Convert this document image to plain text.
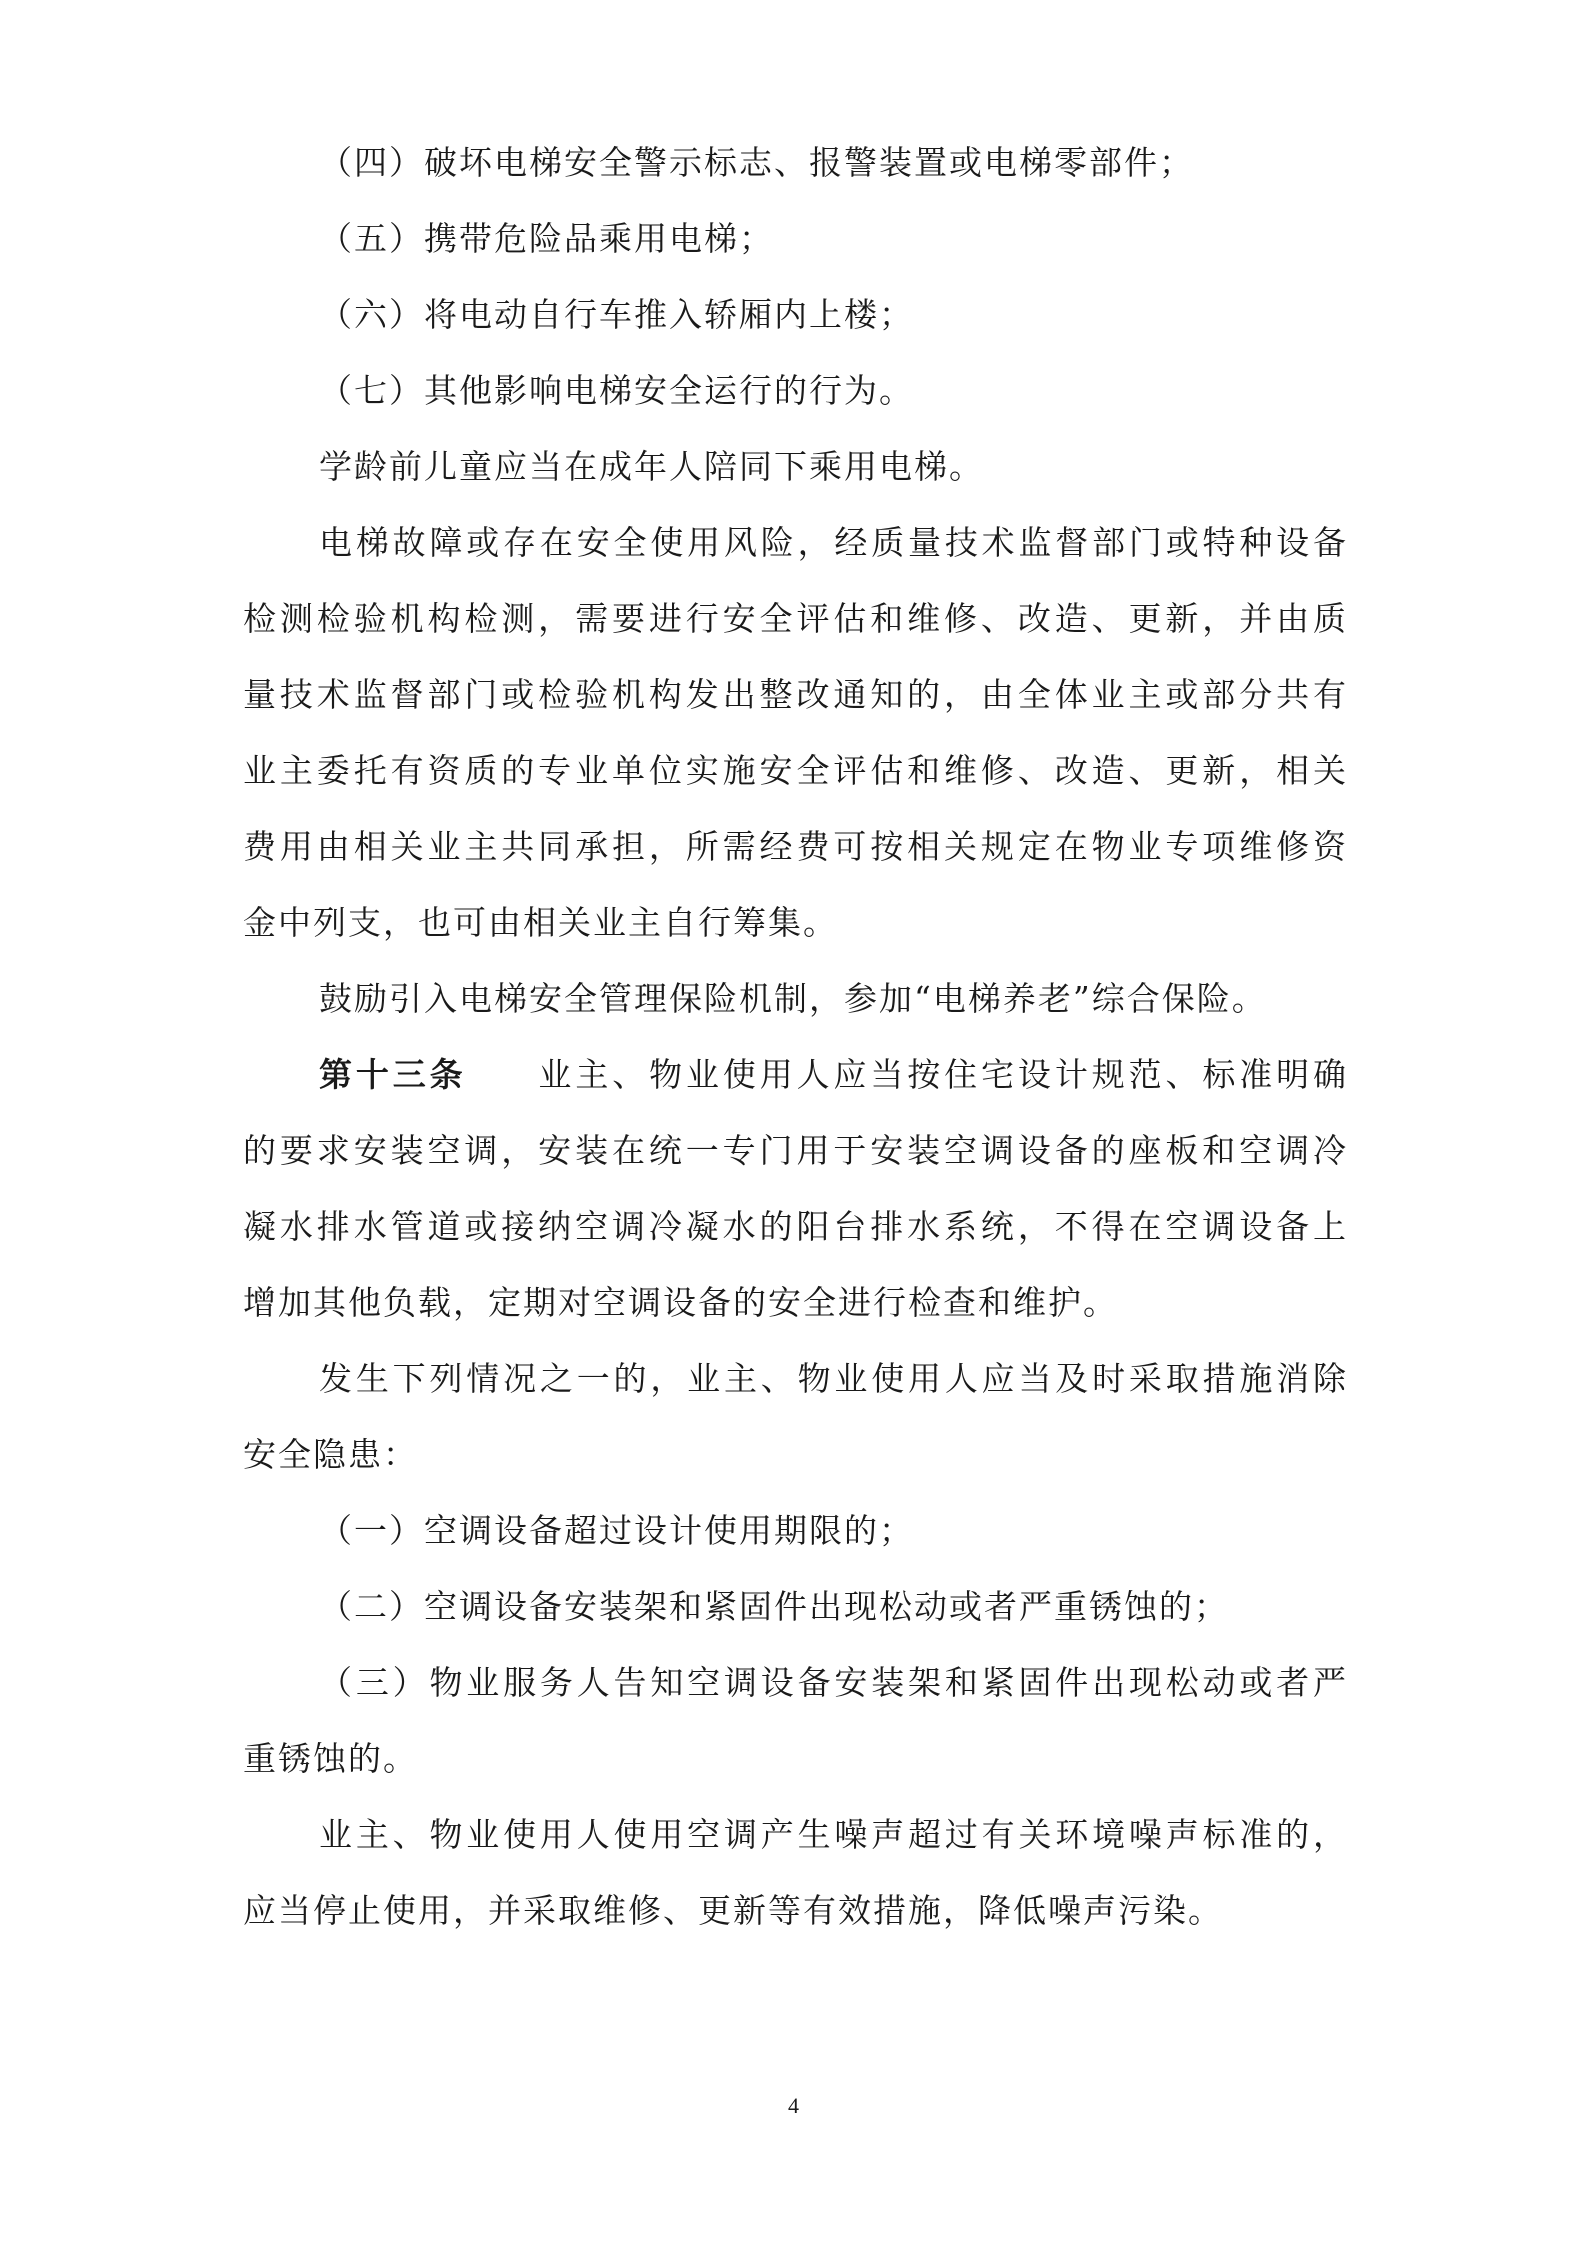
（四）破坏电梯安全警示标志、报警装置或电梯零部件；
（五）携带危险品乘用电梯；
（六）将电动自行车推入轿厢内上楼；
（七）其他影响电梯安全运行的行为。
学龄前儿童应当在成年人陪同下乘用电梯。
电梯故障或存在安全使用风险，经质量技术监督部门或特种设备
检测检验机构检测，需要进行安全评估和维修、改造、更新，并由质
量技术监督部门或检验机构发出整改通知的，由全体业主或部分共有
业主委托有资质的专业单位实施安全评估和维修、改造、更新，相关
费用由相关业主共同承担，所需经费可按相关规定在物业专项维修资
金中列支，也可由相关业主自行筹集。
鼓励引入电梯安全管理保险机制，参加“电梯养老”综合保险。
第十三条 业主、物业使用人应当按住宅设计规范、标准明确
的要求安装空调，安装在统一专门用于安装空调设备的座板和空调冷
凝水排水管道或接纳空调冷凝水的阳台排水系统，不得在空调设备上
增加其他负载，定期对空调设备的安全进行检查和维护。
发生下列情况之一的，业主、物业使用人应当及时采取措施消除
安全隐患：
（一）空调设备超过设计使用期限的；
（二）空调设备安装架和紧固件出现松动或者严重锈蚀的；
（三）物业服务人告知空调设备安装架和紧固件出现松动或者严
重锈蚀的。
业主、物业使用人使用空调产生噪声超过有关环境噪声标准的，
应当停止使用，并采取维修、更新等有效措施，降低噪声污染。
4
